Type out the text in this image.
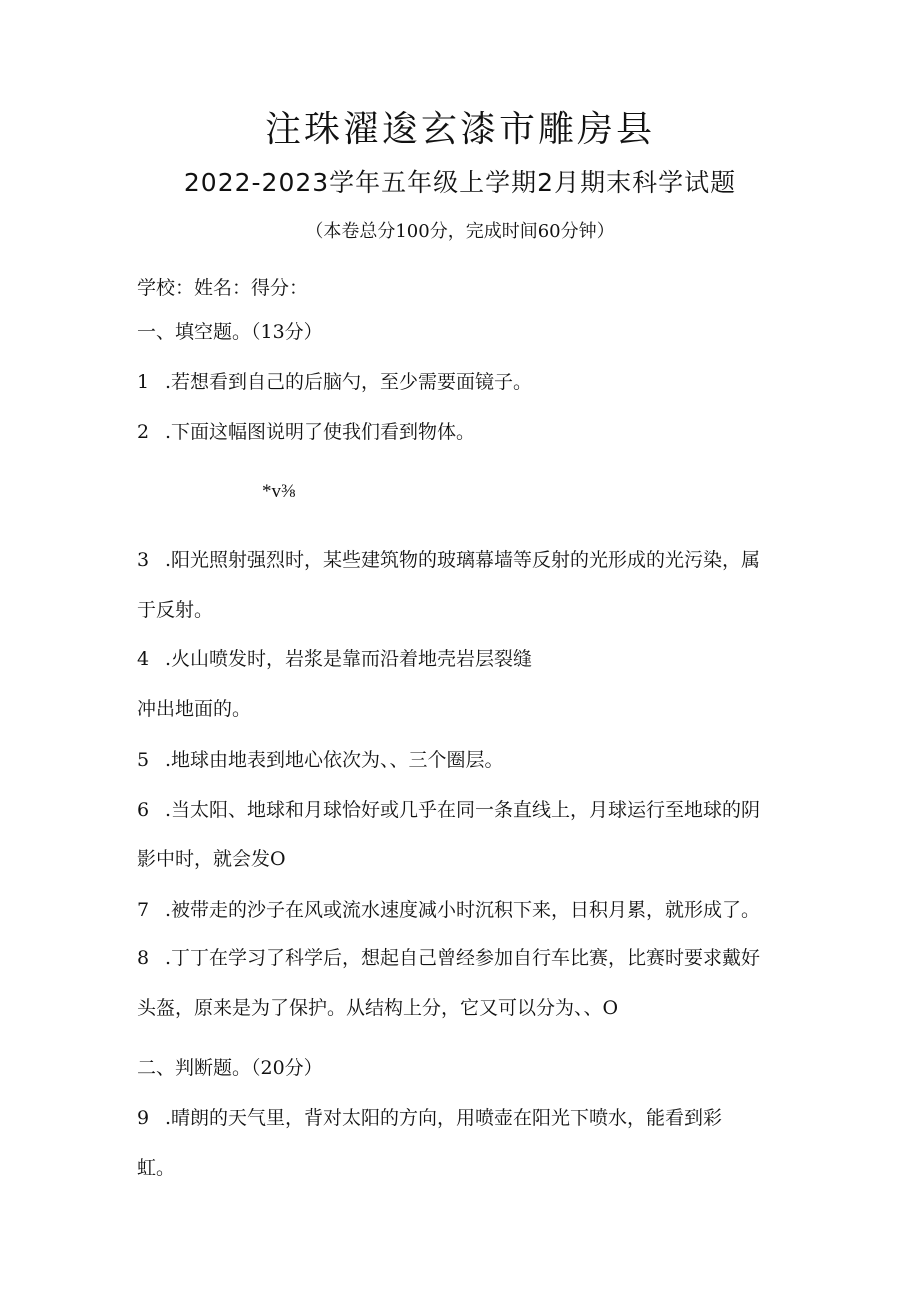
注珠濯逡玄漆市雕房县
2022-2023学年五年级上学期2月期末科学试题
（本卷总分100分，完成时间60分钟）
学校：姓名：得分：
一、填空题。（13分）
1 .若想看到自己的后脑勺，至少需要面镜子。
2 .下面这幅图说明了使我们看到物体。
*v⅜
3 .阳光照射强烈时，某些建筑物的玻璃幕墙等反射的光形成的光污染，属
于反射。
4 .火山喷发时，岩浆是靠而沿着地壳岩层裂缝
冲出地面的。
5 .地球由地表到地心依次为、、三个圈层。
6 .当太阳、地球和月球恰好或几乎在同一条直线上，月球运行至地球的阴
影中时，就会发O
7 .被带走的沙子在风或流水速度减小时沉积下来，日积月累，就形成了。
8 .丁丁在学习了科学后，想起自己曾经参加自行车比赛，比赛时要求戴好
头盔，原来是为了保护。从结构上分，它又可以分为、、O
二、判断题。（20分）
9 .晴朗的天气里，背对太阳的方向，用喷壶在阳光下喷水，能看到彩
虹。
